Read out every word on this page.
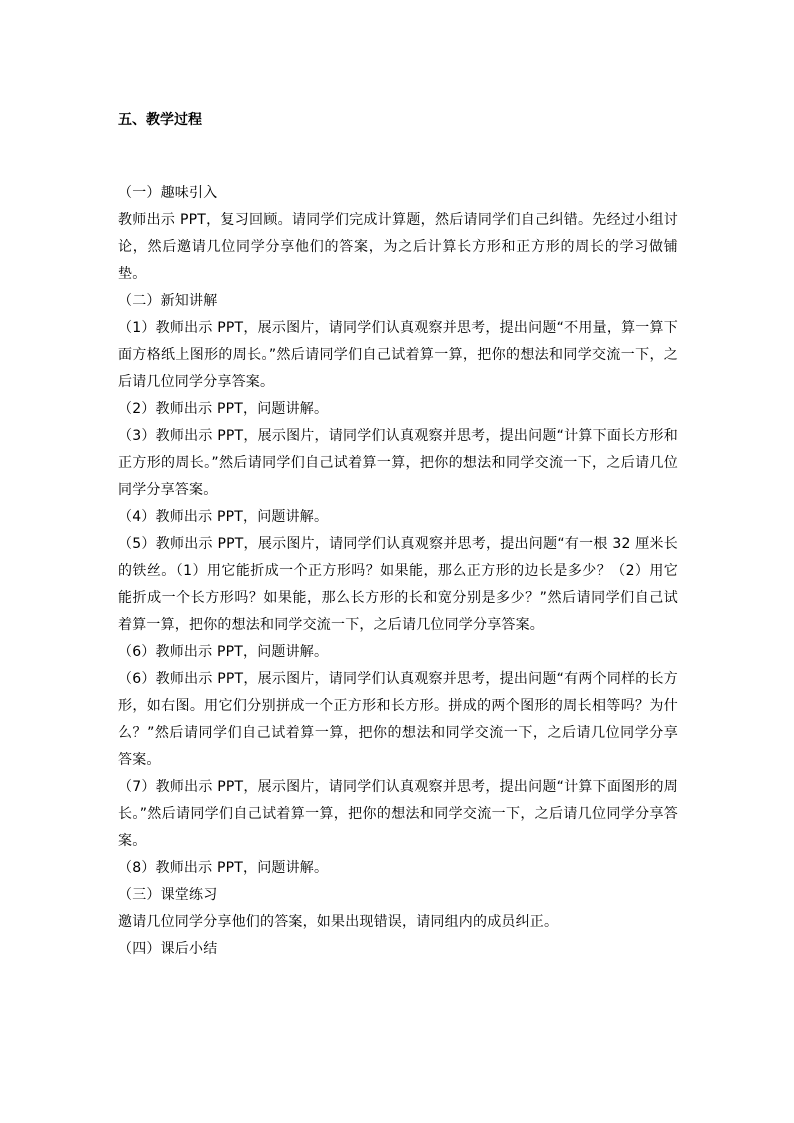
五、教学过程

（一）趣味引入

教师出示 PPT，复习回顾。请同学们完成计算题，然后请同学们自己纠错。先经过小组讨论，然后邀请几位同学分享他们的答案，为之后计算长方形和正方形的周长的学习做铺垫。

（二）新知讲解

（1）教师出示 PPT，展示图片，请同学们认真观察并思考，提出问题“不用量，算一算下面方格纸上图形的周长。”然后请同学们自己试着算一算，把你的想法和同学交流一下，之后请几位同学分享答案。

（2）教师出示 PPT，问题讲解。

（3）教师出示 PPT，展示图片，请同学们认真观察并思考，提出问题“计算下面长方形和正方形的周长。”然后请同学们自己试着算一算，把你的想法和同学交流一下，之后请几位同学分享答案。

（4）教师出示 PPT，问题讲解。

（5）教师出示 PPT，展示图片，请同学们认真观察并思考，提出问题“有一根 32 厘米长的铁丝。（1）用它能折成一个正方形吗？如果能，那么正方形的边长是多少？（2）用它能折成一个长方形吗？如果能，那么长方形的长和宽分别是多少？”然后请同学们自己试着算一算，把你的想法和同学交流一下，之后请几位同学分享答案。

（6）教师出示 PPT，问题讲解。

（6）教师出示 PPT，展示图片，请同学们认真观察并思考，提出问题“有两个同样的长方形，如右图。用它们分别拼成一个正方形和长方形。拼成的两个图形的周长相等吗？为什么？”然后请同学们自己试着算一算，把你的想法和同学交流一下，之后请几位同学分享答案。

（7）教师出示 PPT，展示图片，请同学们认真观察并思考，提出问题“计算下面图形的周长。”然后请同学们自己试着算一算，把你的想法和同学交流一下，之后请几位同学分享答案。

（8）教师出示 PPT，问题讲解。

（三）课堂练习

邀请几位同学分享他们的答案，如果出现错误，请同组内的成员纠正。

（四）课后小结
